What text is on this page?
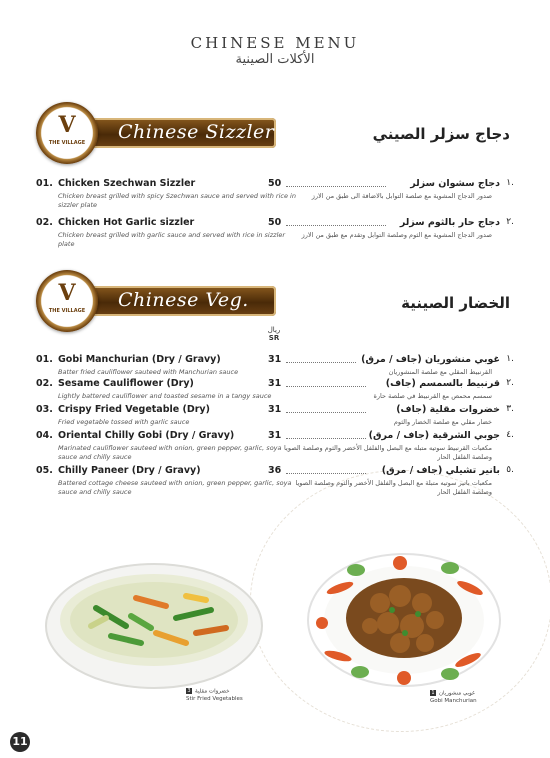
CHINESE MENU
الأكلات الصينية
Chinese Sizzler
V
THE VILLAGE	دجاج سزلر الصيني
01. Chicken Szechwan Sizzler	50	دجاج سشوان سزلر ١.
Chicken breast grilled with spicy Szechwan sauce and served with rice in sizzler plate
صدور الدجاج المشوية مع صلصة التوابل بالاضافة الى طبق من الارز
02. Chicken Hot Garlic sizzler	50	دجاج حار بالثوم سزلر ٢.
Chicken breast grilled with garlic sauce and served with rice in sizzler plate
صدور الدجاج المشوية مع الثوم وصلصة التوابل وتقدم مع طبق من الارز
Chinese Veg.
V
THE VILLAGE	الخضار الصينية
ريال
SR
01. Gobi Manchurian (Dry / Gravy)	31	غوبي منشوريان (جاف / مرق) ١.
Batter fried cauliflower sauteed with Manchurian sauce	القرنبيط المقلي مع صلصة المنشوريان
02. Sesame Cauliflower (Dry)	31	قرنبيط بالسمسم (جاف) ٢.
Lightly battered cauliflower and toasted sesame in a tangy sauce	سمسم محمص مع القرنبيط في صلصة حارة
03. Crispy Fried Vegetable (Dry)	31	خضروات مقلية (جاف) ٣.
Fried vegetable tossed with garlic sauce	خضار مقلي مع صلصة الخضار والثوم
04. Oriental Chilly Gobi (Dry / Gravy)	31	جوبي الشرقية (جاف / مرق) ٤.
Marinated cauliflower sauteed with onion, green pepper, garlic, soya sauce and chilly sauce
مكعبات القرنبيط سوتيه متبله مع البصل والفلفل الأخضر والثوم وصلصة الصويا وصلصة الفلفل الحار
05. Chilly Paneer (Dry / Gravy)	36	بانير تشيلي (جاف / مرق) ٥.
Battered cottage cheese sauteed with onion, green pepper, garlic, soya sauce and chilly sauce
مكعبات بانير سوتيه متبلة مع البصل والفلفل الأخضر والثوم وصلصة الصويا وصلصة الفلفل الحار
3 خضروات مقلية
Stir Fried Vegetables
1 غوبي منشوريان
Gobi Manchurian
11
